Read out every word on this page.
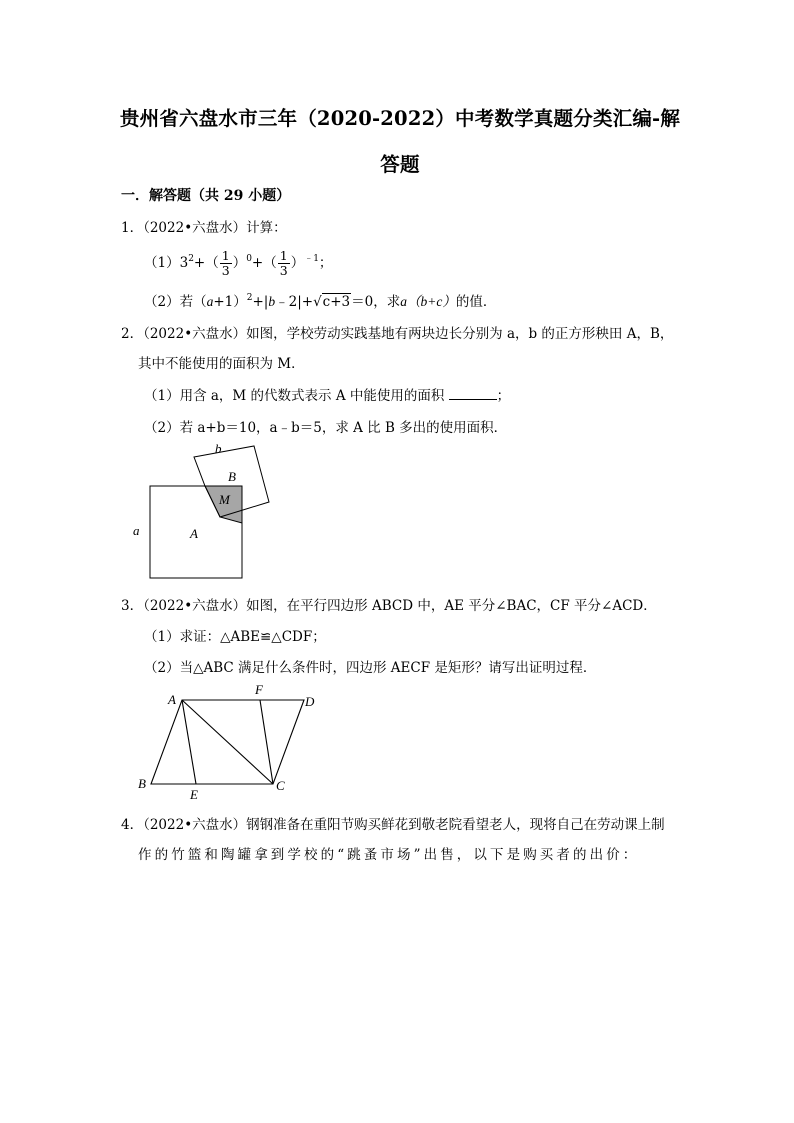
贵州省六盘水市三年（2020-2022）中考数学真题分类汇编-解
答题
一．解答题（共 29 小题）
1．（2022•六盘水）计算：
$(1)3^2+( \frac{1}{3} )^0+( \frac{1}{3} )^{﹣1}$；
（2）若$(a+1)^2+|b﹣2|+√c+3=0$，求a（b+c）的值．
2．（2022•六盘水）如图，学校劳动实践基地有两块边长分别为 a，b 的正方形秧田 A，B，
其中不能使用的面积为 M．
（1）用含 a，M 的代数式表示 A 中能使用的面积	；
（2）若 a+b＝10，a﹣b＝5，求 A 比 B 多出的使用面积．
a
b
A
B
M
3．（2022•六盘水）如图，在平行四边形 ABCD 中，AE 平分∠BAC，CF 平分∠ACD．
（1）求证：△ABE≌△CDF；
（2）当△ABC 满足什么条件时，四边形 AECF 是矩形？请写出证明过程．
A
F
D
B
E
C
4．（2022•六盘水）钢钢准备在重阳节购买鲜花到敬老院看望老人，现将自己在劳动课上制
作的竹篮和陶罐拿到学校的“跳蚤市场”出售，以下是购买者的出价：
